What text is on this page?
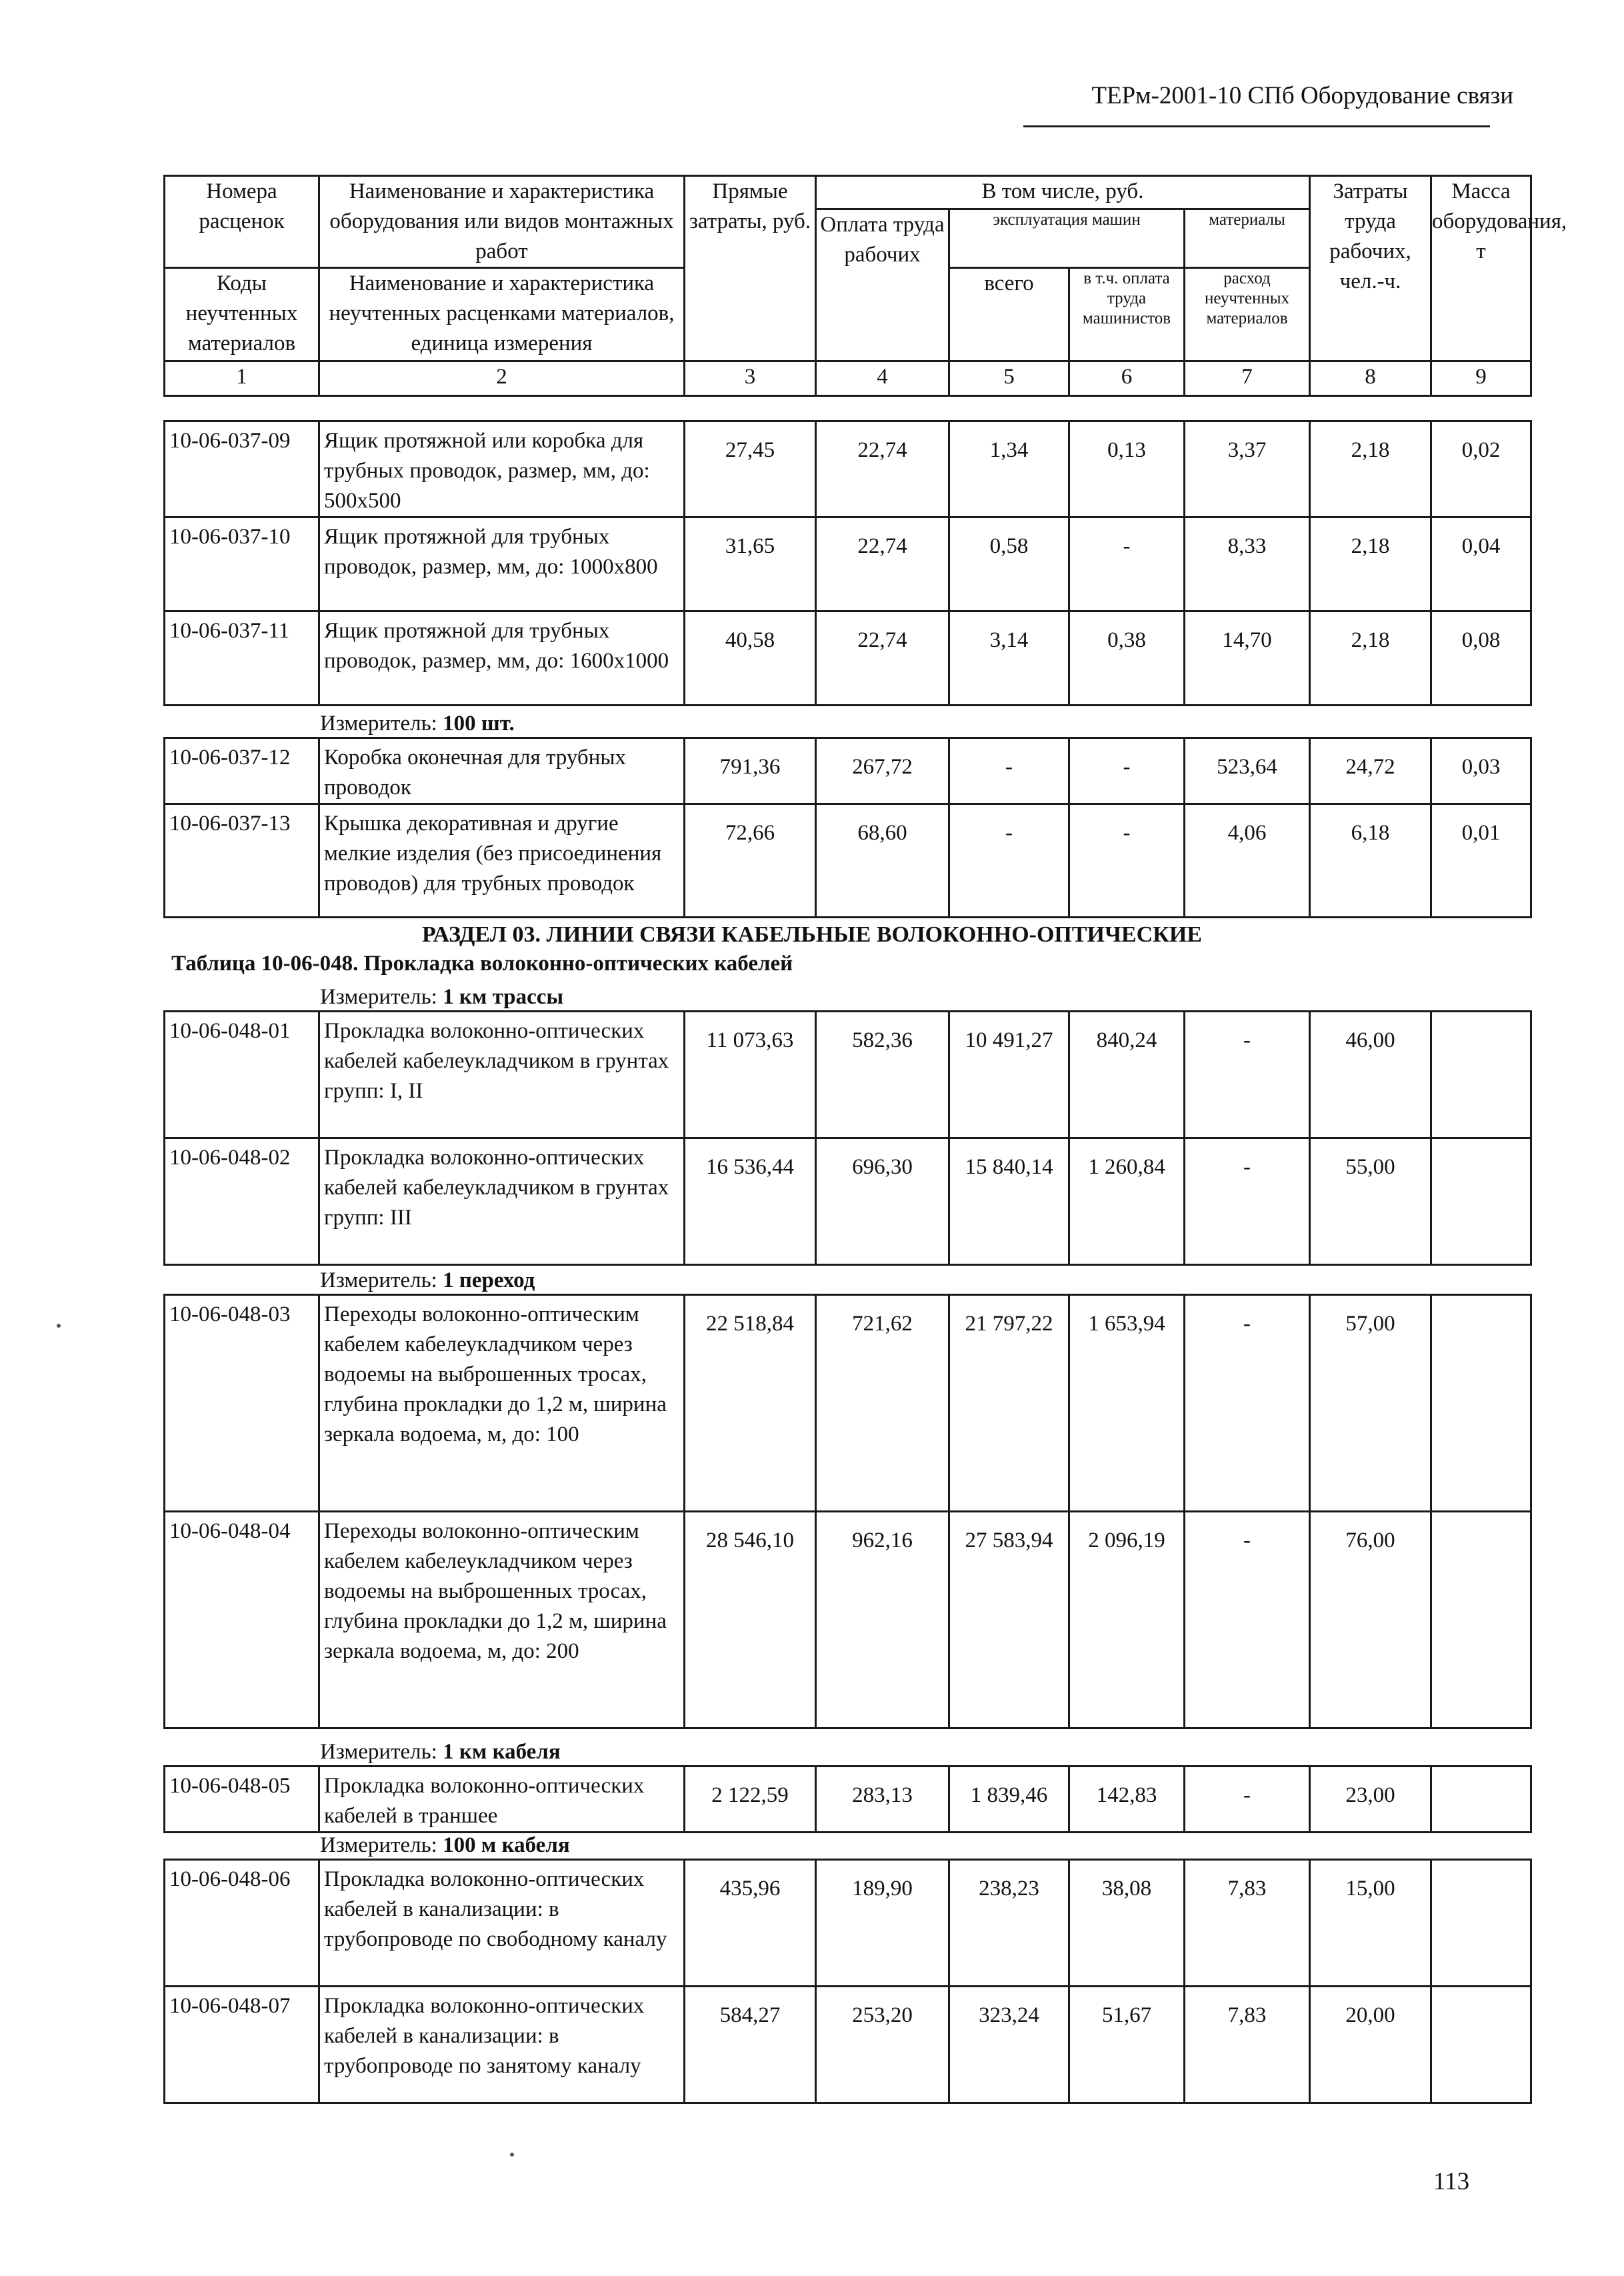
ТЕРм-2001-10 СПб Оборудование связи
Номера расценок	Наименование и характеристика оборудования или видов монтажных работ	Прямые затраты, руб.	В том числе, руб.				Затраты труда рабочих, чел.-ч.	Масса оборудования, т
			Оплата труда рабочих	эксплуатация машин		материалы		
Коды неучтенных материалов	Наименование и характеристика неучтенных расценками материалов, единица измерения			всего	в т.ч. оплата труда машинистов	расход неучтенных материалов		

1	2	3	4	5	6	7	8	9
10-06-037-09	Ящик протяжной или коробка для трубных проводок, размер, мм, до: 500х500	27,45	22,74	1,34	0,13	3,37	2,18	0,02
10-06-037-10	Ящик протяжной для трубных проводок, размер, мм, до: 1000х800	31,65	22,74	0,58	-	8,33	2,18	0,04
10-06-037-11	Ящик протяжной для трубных проводок, размер, мм, до: 1600х1000	40,58	22,74	3,14	0,38	14,70	2,18	0,08
10-06-037-12	Коробка оконечная для трубных проводок	791,36	267,72	-	-	523,64	24,72	0,03
10-06-037-13	Крышка декоративная и другие мелкие изделия (без присоединения проводов) для трубных проводок	72,66	68,60	-	-	4,06	6,18	0,01
10-06-048-01	Прокладка волоконно-оптических кабелей кабелеукладчиком в грунтах групп: I, II	11 073,63	582,36	10 491,27	840,24	-	46,00	
10-06-048-02	Прокладка волоконно-оптических кабелей кабелеукладчиком в грунтах групп: III	16 536,44	696,30	15 840,14	1 260,84	-	55,00	
10-06-048-03	Переходы волоконно-оптическим кабелем кабелеукладчиком через водоемы на выброшенных тросах, глубина прокладки до 1,2 м, ширина зеркала водоема, м, до: 100	22 518,84	721,62	21 797,22	1 653,94	-	57,00	
10-06-048-04	Переходы волоконно-оптическим кабелем кабелеукладчиком через водоемы на выброшенных тросах, глубина прокладки до 1,2 м, ширина зеркала водоема, м, до: 200	28 546,10	962,16	27 583,94	2 096,19	-	76,00	
10-06-048-05	Прокладка волоконно-оптических кабелей в траншее	2 122,59	283,13	1 839,46	142,83	-	23,00	
10-06-048-06	Прокладка волоконно-оптических кабелей в канализации: в трубопроводе по свободному каналу	435,96	189,90	238,23	38,08	7,83	15,00	
10-06-048-07	Прокладка волоконно-оптических кабелей в канализации: в трубопроводе по занятому каналу	584,27	253,20	323,24	51,67	7,83	20,00	
Измеритель: 100 шт.
РАЗДЕЛ 03. ЛИНИИ СВЯЗИ КАБЕЛЬНЫЕ ВОЛОКОННО-ОПТИЧЕСКИЕ
Таблица 10-06-048. Прокладка волоконно-оптических кабелей
Измеритель: 1 км трассы
Измеритель: 1 переход
Измеритель: 1 км кабеля
Измеритель: 100 м кабеля
113
